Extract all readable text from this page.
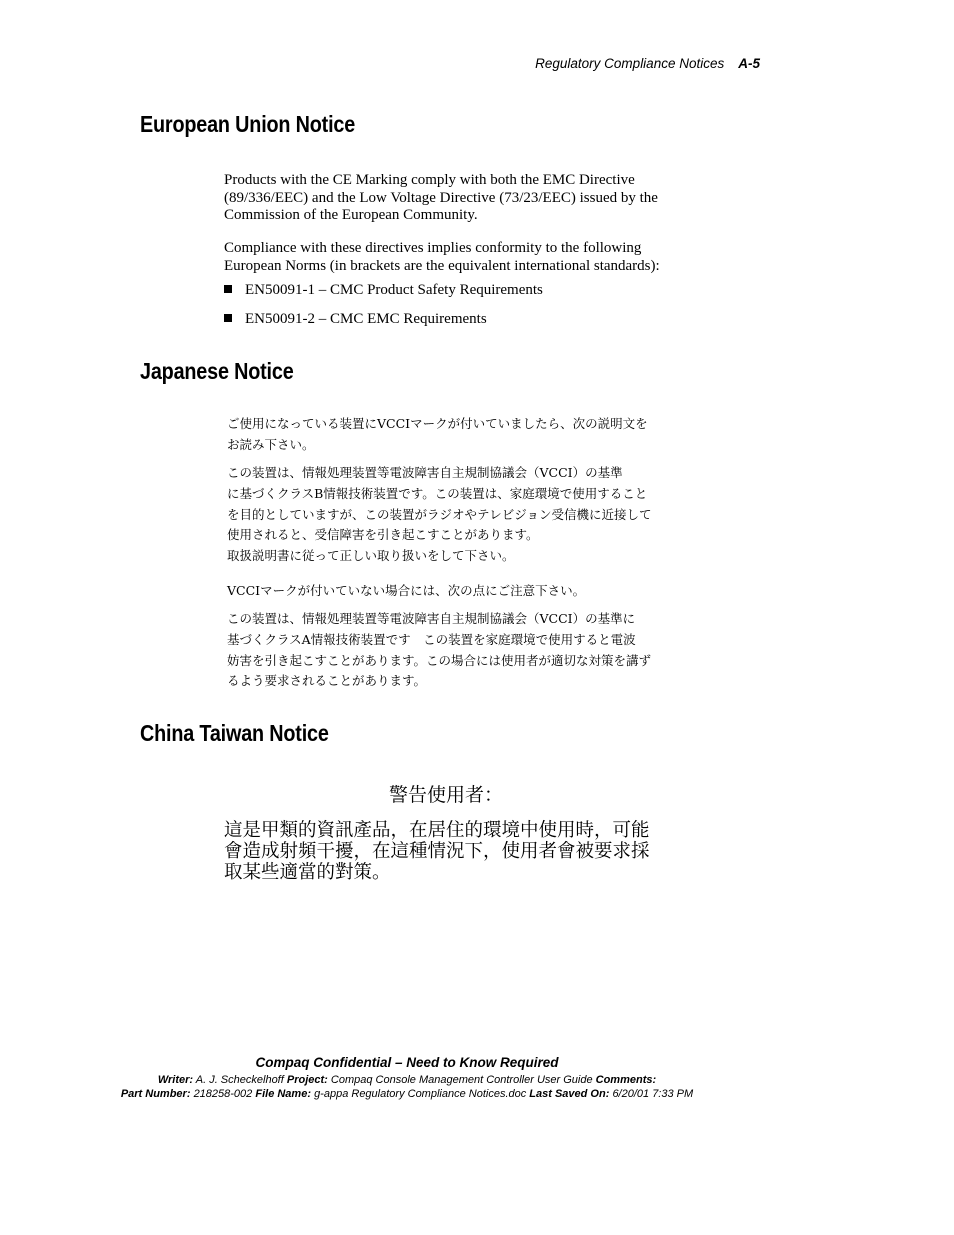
Regulatory Compliance Notices A-5
European Union Notice

Products with the CE Marking comply with both the EMC Directive (89/336/EEC) and the Low Voltage Directive (73/23/EEC) issued by the Commission of the European Community.

Compliance with these directives implies conformity to the following European Norms (in brackets are the equivalent international standards):

EN50091-1 – CMC Product Safety Requirements
EN50091-2 – CMC EMC Requirements
Japanese Notice

ご使用になっている装置にVCCIマークが付いていましたら、次の説明文を
お読み下さい。

この装置は、情報処理装置等電波障害自主規制協議会（VCCI）の基準
に基づくクラスB情報技術装置です。この装置は、家庭環境で使用すること
を目的としていますが、この装置がラジオやテレビジョン受信機に近接して
使用されると、受信障害を引き起こすことがあります。
取扱説明書に従って正しい取り扱いをして下さい。

VCCIマークが付いていない場合には、次の点にご注意下さい。

この装置は、情報処理装置等電波障害自主規制協議会（VCCI）の基準に
基づくクラスA情報技術装置です　この装置を家庭環境で使用すると電波
妨害を引き起こすことがあります。この場合には使用者が適切な対策を講ず
るよう要求されることがあります。

China Taiwan Notice
警告使用者：

這是甲類的資訊產品，在居住的環境中使用時，可能
會造成射頻干擾，在這種情況下，使用者會被要求採
取某些適當的對策。

Compaq Confidential – Need to Know Required
Writer: A. J. Scheckelhoff Project: Compaq Console Management Controller User Guide Comments:
Part Number: 218258-002 File Name: g-appa Regulatory Compliance Notices.doc Last Saved On: 6/20/01 7:33 PM
